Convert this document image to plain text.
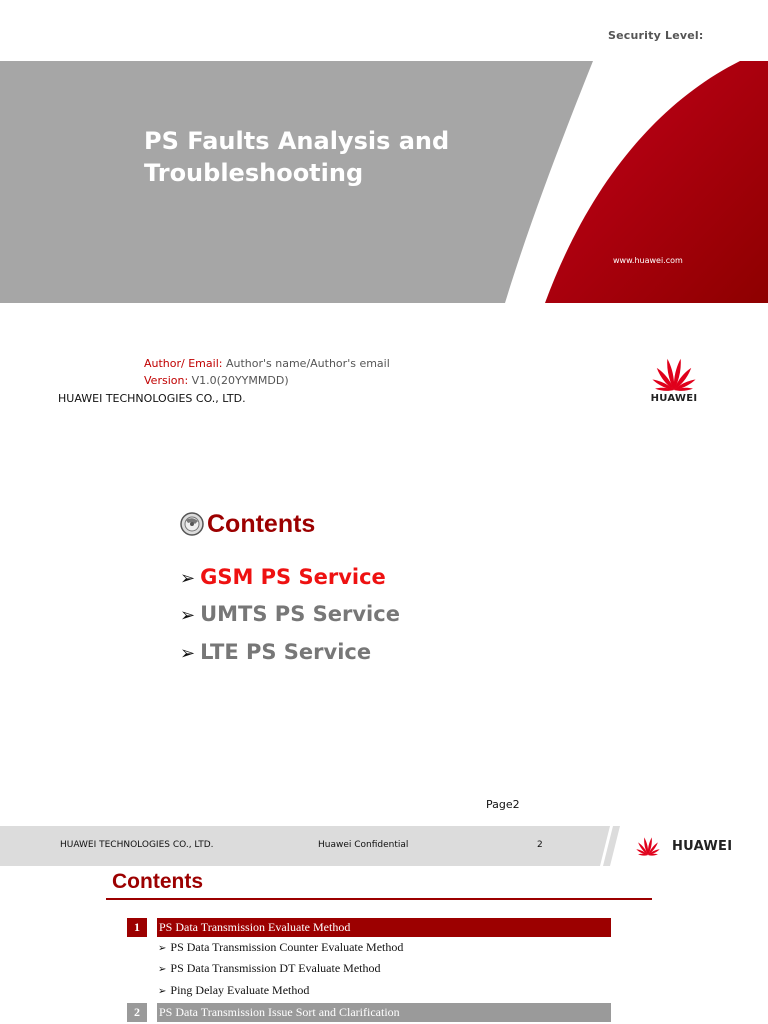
Security Level:
PS Faults Analysis and Troubleshooting
www.huawei.com
Author/ Email: Author's name/Author's email
Version: V1.0(20YYMMDD)
HUAWEI TECHNOLOGIES CO., LTD.	HUAWEI
Contents
➢ GSM PS Service
➢ UMTS PS Service
➢ LTE PS Service
Page2
HUAWEI TECHNOLOGIES CO., LTD.	Huawei Confidential	2	HUAWEI
Contents
1	PS Data Transmission Evaluate Method
➢ PS Data Transmission Counter Evaluate Method
➢ PS Data Transmission DT Evaluate Method
➢ Ping Delay Evaluate Method
2	PS Data Transmission Issue Sort and Clarification
